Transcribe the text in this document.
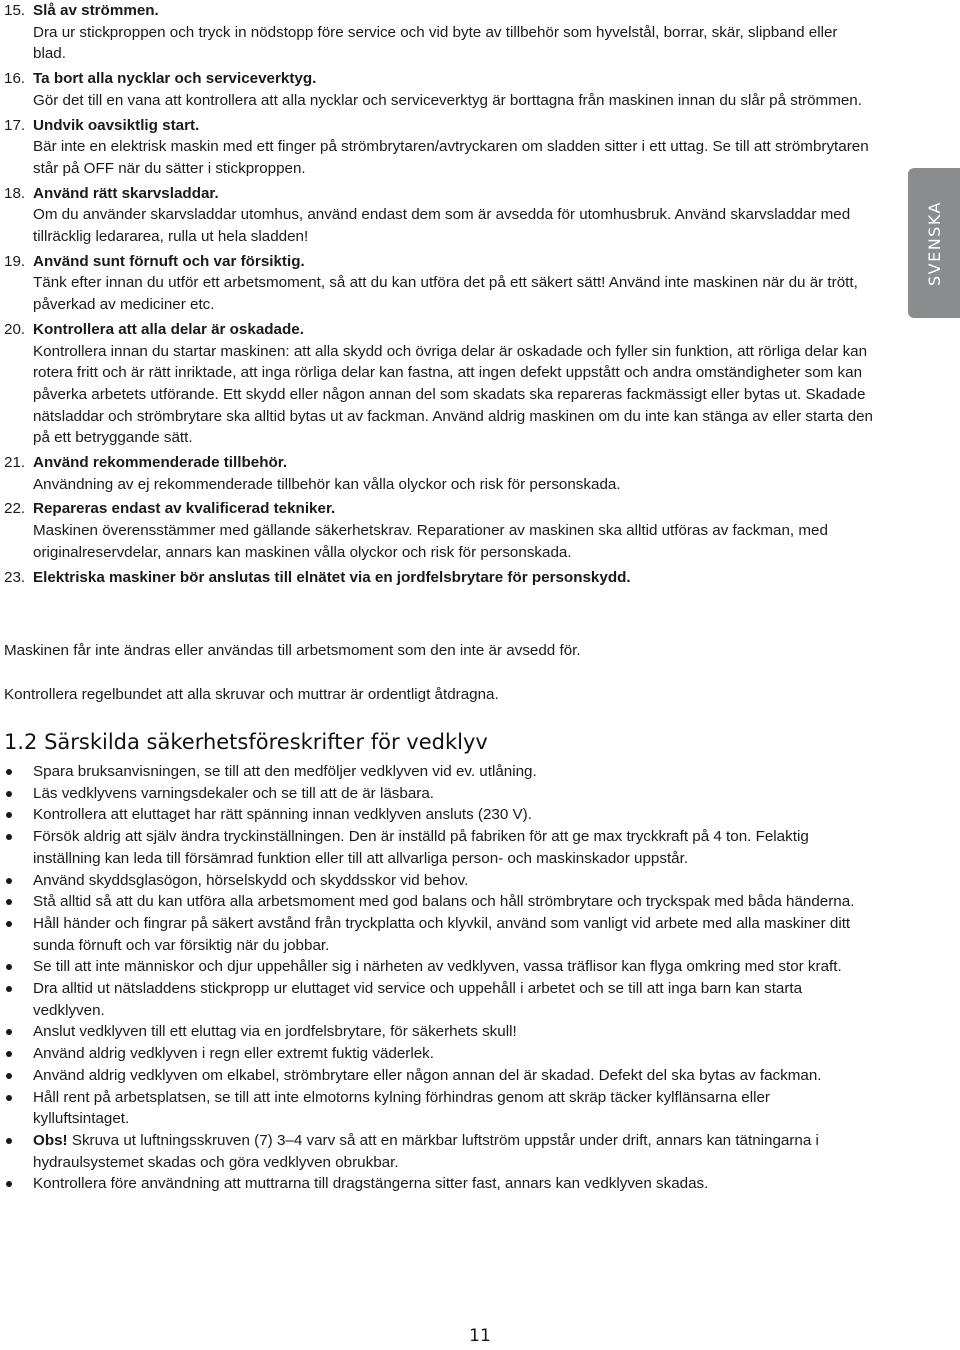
15. Slå av strömmen.

Dra ur stickproppen och tryck in nödstopp före service och vid byte av tillbehör som hyvelstål, borrar, skär, slipband eller blad.

16. Ta bort alla nycklar och serviceverktyg.

Gör det till en vana att kontrollera att alla nycklar och serviceverktyg är borttagna från maskinen innan du slår på strömmen.

17. Undvik oavsiktlig start.

Bär inte en elektrisk maskin med ett finger på strömbrytaren/avtryckaren om sladden sitter i ett uttag. Se till att strömbrytaren står på OFF när du sätter i stickproppen.

18. Använd rätt skarvsladdar.

Om du använder skarvsladdar utomhus, använd endast dem som är avsedda för utomhusbruk. Använd skarvsladdar med tillräcklig ledararea, rulla ut hela sladden!

19. Använd sunt förnuft och var försiktig.

Tänk efter innan du utför ett arbetsmoment, så att du kan utföra det på ett säkert sätt! Använd inte maskinen när du är trött, påverkad av mediciner etc.

20. Kontrollera att alla delar är oskadade.

Kontrollera innan du startar maskinen: att alla skydd och övriga delar är oskadade och fyller sin funktion, att rörliga delar kan rotera fritt och är rätt inriktade, att inga rörliga delar kan fastna, att ingen defekt uppstått och andra omständigheter som kan påverka arbetets utförande. Ett skydd eller någon annan del som skadats ska repareras fackmässigt eller bytas ut. Skadade nätsladdar och strömbrytare ska alltid bytas ut av fackman. Använd aldrig maskinen om du inte kan stänga av eller starta den på ett betryggande sätt.

21. Använd rekommenderade tillbehör.

Användning av ej rekommenderade tillbehör kan vålla olyckor och risk för personskada.

22. Repareras endast av kvalificerad tekniker.

Maskinen överensstämmer med gällande säkerhetskrav. Reparationer av maskinen ska alltid utföras av fackman, med originalreservdelar, annars kan maskinen vålla olyckor och risk för personskada.

23. Elektriska maskiner bör anslutas till elnätet via en jordfelsbrytare för personskydd.

Maskinen får inte ändras eller användas till arbetsmoment som den inte är avsedd för.

Kontrollera regelbundet att alla skruvar och muttrar är ordentligt åtdragna.

1.2 Särskilda säkerhetsföreskrifter för vedklyv
Spara bruksanvisningen, se till att den medföljer vedklyven vid ev. utlåning.
Läs vedklyvens varningsdekaler och se till att de är läsbara.
Kontrollera att eluttaget har rätt spänning innan vedklyven ansluts (230 V).
Försök aldrig att själv ändra tryckinställningen. Den är inställd på fabriken för att ge max tryckkraft på 4 ton. Felaktig inställning kan leda till försämrad funktion eller till att allvarliga person- och maskinskador uppstår.
Använd skyddsglasögon, hörselskydd och skyddsskor vid behov.
Stå alltid så att du kan utföra alla arbetsmoment med god balans och håll strömbrytare och tryckspak med båda händerna.
Håll händer och fingrar på säkert avstånd från tryckplatta och klyvkil, använd som vanligt vid arbete med alla maskiner ditt sunda förnuft och var försiktig när du jobbar.
Se till att inte människor och djur uppehåller sig i närheten av vedklyven, vassa träflisor kan flyga omkring med stor kraft.
Dra alltid ut nätsladdens stickpropp ur eluttaget vid service och uppehåll i arbetet och se till att inga barn kan starta vedklyven.
Anslut vedklyven till ett eluttag via en jordfelsbrytare, för säkerhets skull!
Använd aldrig vedklyven i regn eller extremt fuktig väderlek.
Använd aldrig vedklyven om elkabel, strömbrytare eller någon annan del är skadad. Defekt del ska bytas av fackman.
Håll rent på arbetsplatsen, se till att inte elmotorns kylning förhindras genom att skräp täcker kylflänsarna eller kylluftsintaget.
Obs! Skruva ut luftningsskruven (7) 3–4 varv så att en märkbar luftström uppstår under drift, annars kan tätningarna i hydraulsystemet skadas och göra vedklyven obrukbar.
Kontrollera före användning att muttrarna till dragstängerna sitter fast, annars kan vedklyven skadas.
SVENSKA
11
